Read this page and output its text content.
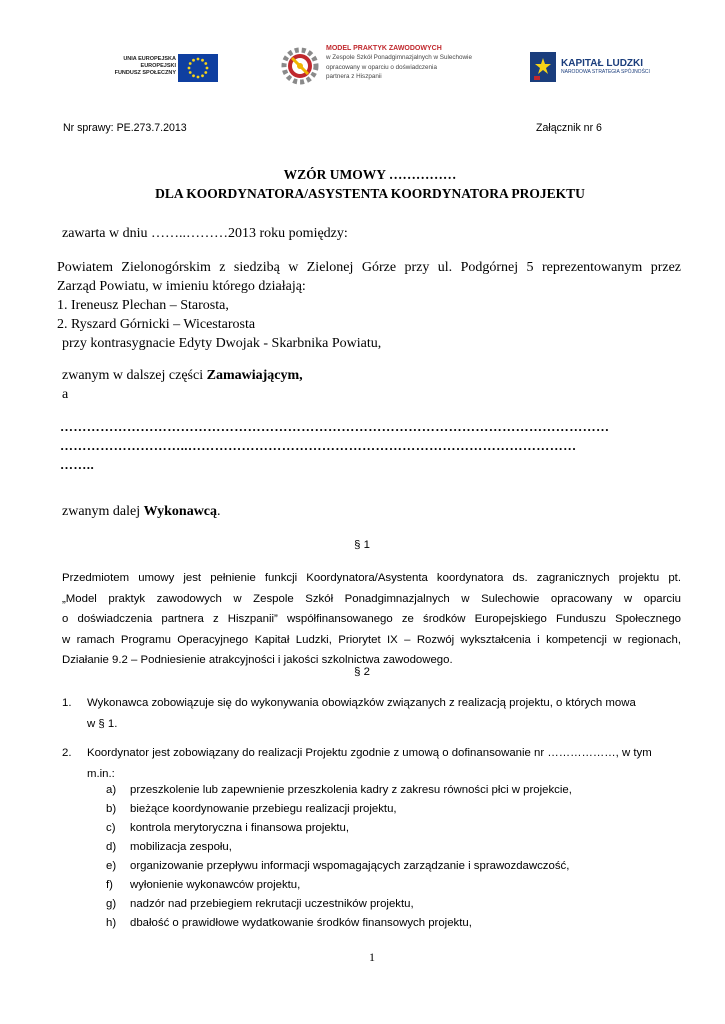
UNIA EUROPEJSKA
EUROPEJSKI
FUNDUSZ SPOŁECZNY
MODEL PRAKTYK ZAWODOWYCH
w Zespole Szkół Ponadgimnazjalnych w Sulechowie
opracowany w oparciu o doświadczenia
partnera z Hiszpanii
KAPITAŁ LUDZKI
NARODOWA STRATEGIA SPÓJNOŚCI
Nr sprawy: PE.273.7.2013	Załącznik nr 6
WZÓR UMOWY ……………
DLA KOORDYNATORA/ASYSTENTA KOORDYNATORA PROJEKTU
zawarta w dniu ……..………2013 roku pomiędzy:
Powiatem Zielonogórskim z siedzibą w Zielonej Górze przy ul. Podgórnej 5 reprezentowanym przez
Zarząd Powiatu, w imieniu którego działają:
1. Ireneusz Plechan – Starosta,
2. Ryszard Górnicki – Wicestarosta
przy kontrasygnacie Edyty Dwojak - Skarbnika Powiatu,
zwanym w dalszej części Zamawiającym,
a
……………………………………………………………………………………………………………
………………………..……………………………………………………………………………
……..
zwanym dalej Wykonawcą.
§ 1
Przedmiotem umowy jest pełnienie funkcji Koordynatora/Asystenta koordynatora ds. zagranicznych projektu pt.
„Model praktyk zawodowych w Zespole Szkół Ponadgimnazjalnych w Sulechowie opracowany w oparciu
o doświadczenia partnera z Hiszpanii” współfinansowanego ze środków Europejskiego Funduszu Społecznego
w ramach Programu Operacyjnego Kapitał Ludzki, Priorytet IX – Rozwój wykształcenia i kompetencji w regionach,
Działanie 9.2 – Podniesienie atrakcyjności i jakości szkolnictwa zawodowego.
§ 2
1. Wykonawca zobowiązuje się do wykonywania obowiązków związanych z realizacją projektu, o których mowa
w § 1.
2. Koordynator jest zobowiązany do realizacji Projektu zgodnie z umową o dofinansowanie nr ………………, w tym
m.in.:
a) przeszkolenie lub zapewnienie przeszkolenia kadry z zakresu równości płci w projekcie,
b) bieżące koordynowanie przebiegu realizacji projektu,
c) kontrola merytoryczna i finansowa projektu,
d) mobilizacja zespołu,
e) organizowanie przepływu informacji wspomagających zarządzanie i sprawozdawczość,
f) wyłonienie wykonawców projektu,
g) nadzór nad przebiegiem rekrutacji uczestników projektu,
h) dbałość o prawidłowe wydatkowanie środków finansowych projektu,
1
